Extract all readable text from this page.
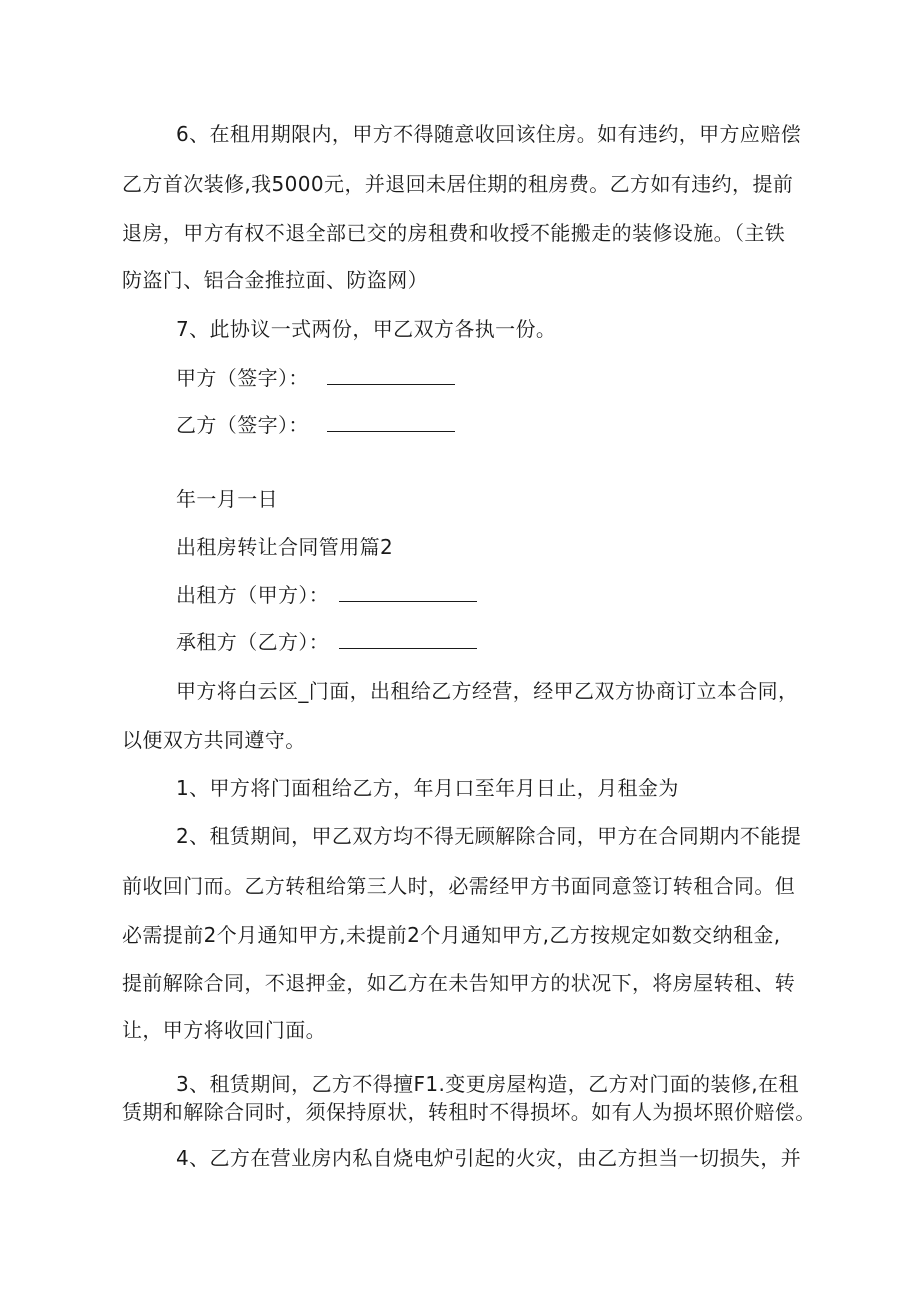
6、在租用期限内，甲方不得随意收回该住房。如有违约，甲方应赔偿
乙方首次装修,我5000元，并退回未居住期的租房费。乙方如有违约，提前
退房，甲方有权不退全部已交的房租费和收授不能搬走的装修设施。（主铁
防盗门、铝合金推拉面、防盗网）
7、此协议一式两份，甲乙双方各执一份。
甲方（签字）：
乙方（签字）：
年一月一日
出租房转让合同管用篇2
出租方（甲方）：
承租方（乙方）：
甲方将白云区_门面，出租给乙方经营，经甲乙双方协商订立本合同，
以便双方共同遵守。
1、甲方将门面租给乙方，年月口至年月日止，月租金为
2、租赁期间，甲乙双方均不得无顾解除合同，甲方在合同期内不能提
前收回门而。乙方转租给第三人时，必需经甲方书面同意签订转租合同。但
必需提前2个月通知甲方,未提前2个月通知甲方,乙方按规定如数交纳租金,
提前解除合同，不退押金，如乙方在未告知甲方的状况下，将房屋转租、转
让，甲方将收回门面。
3、租赁期间，乙方不得擅F1.变更房屋构造，乙方对门面的装修,在租
赁期和解除合同时，须保持原状，转租时不得损坏。如有人为损坏照价赔偿。
4、乙方在营业房内私自烧电炉引起的火灾，由乙方担当一切损失，并
